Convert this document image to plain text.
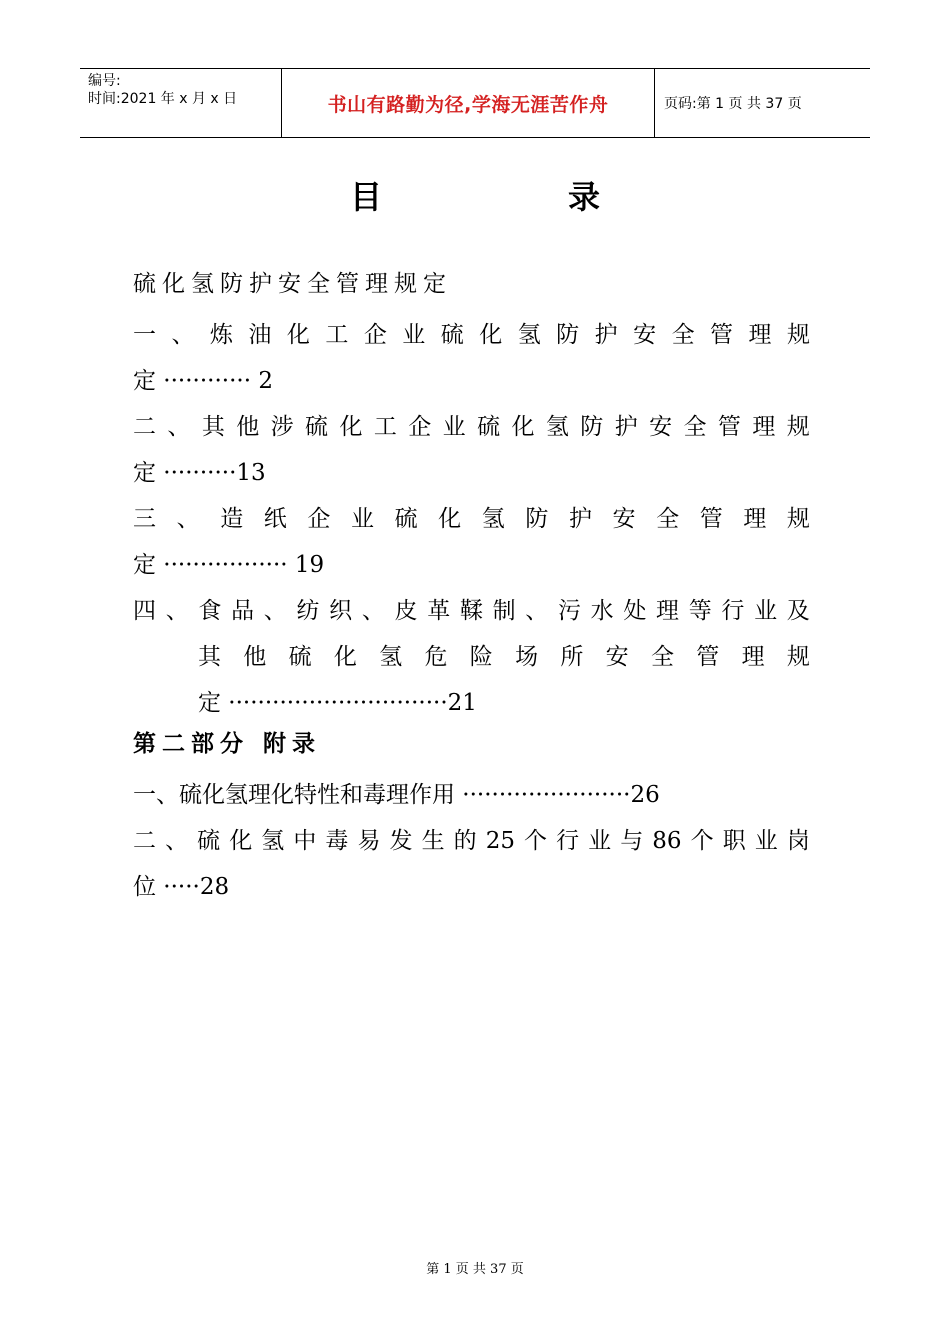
编号:
时间:2021 年 x 月 x 日	书山有路勤为径,学海无涯苦作舟	页码:第 1 页 共 37 页
目	录
硫化氢防护安全管理规定
一 、 炼 油 化 工 企 业 硫 化 氢 防 护 安 全 管 理 规
定 ············ 2
二 、 其 他 涉 硫 化 工 企 业 硫 化 氢 防 护 安 全 管 理 规
定 ··········13
三 、 造 纸 企 业 硫 化 氢 防 护 安 全 管 理 规
定 ················· 19
四 、 食 品 、 纺 织 、 皮 革 鞣 制 、 污 水 处 理 等 行 业 及
其 他 硫 化 氢 危 险 场 所 安 全 管 理 规
定 ······························21
第二部分 附录
一、硫化氢理化特性和毒理作用 ·······················26
二 、 硫 化 氢 中 毒 易 发 生 的 25 个 行 业 与 86 个 职 业 岗
位 ·····28
第 1 页 共 37 页
